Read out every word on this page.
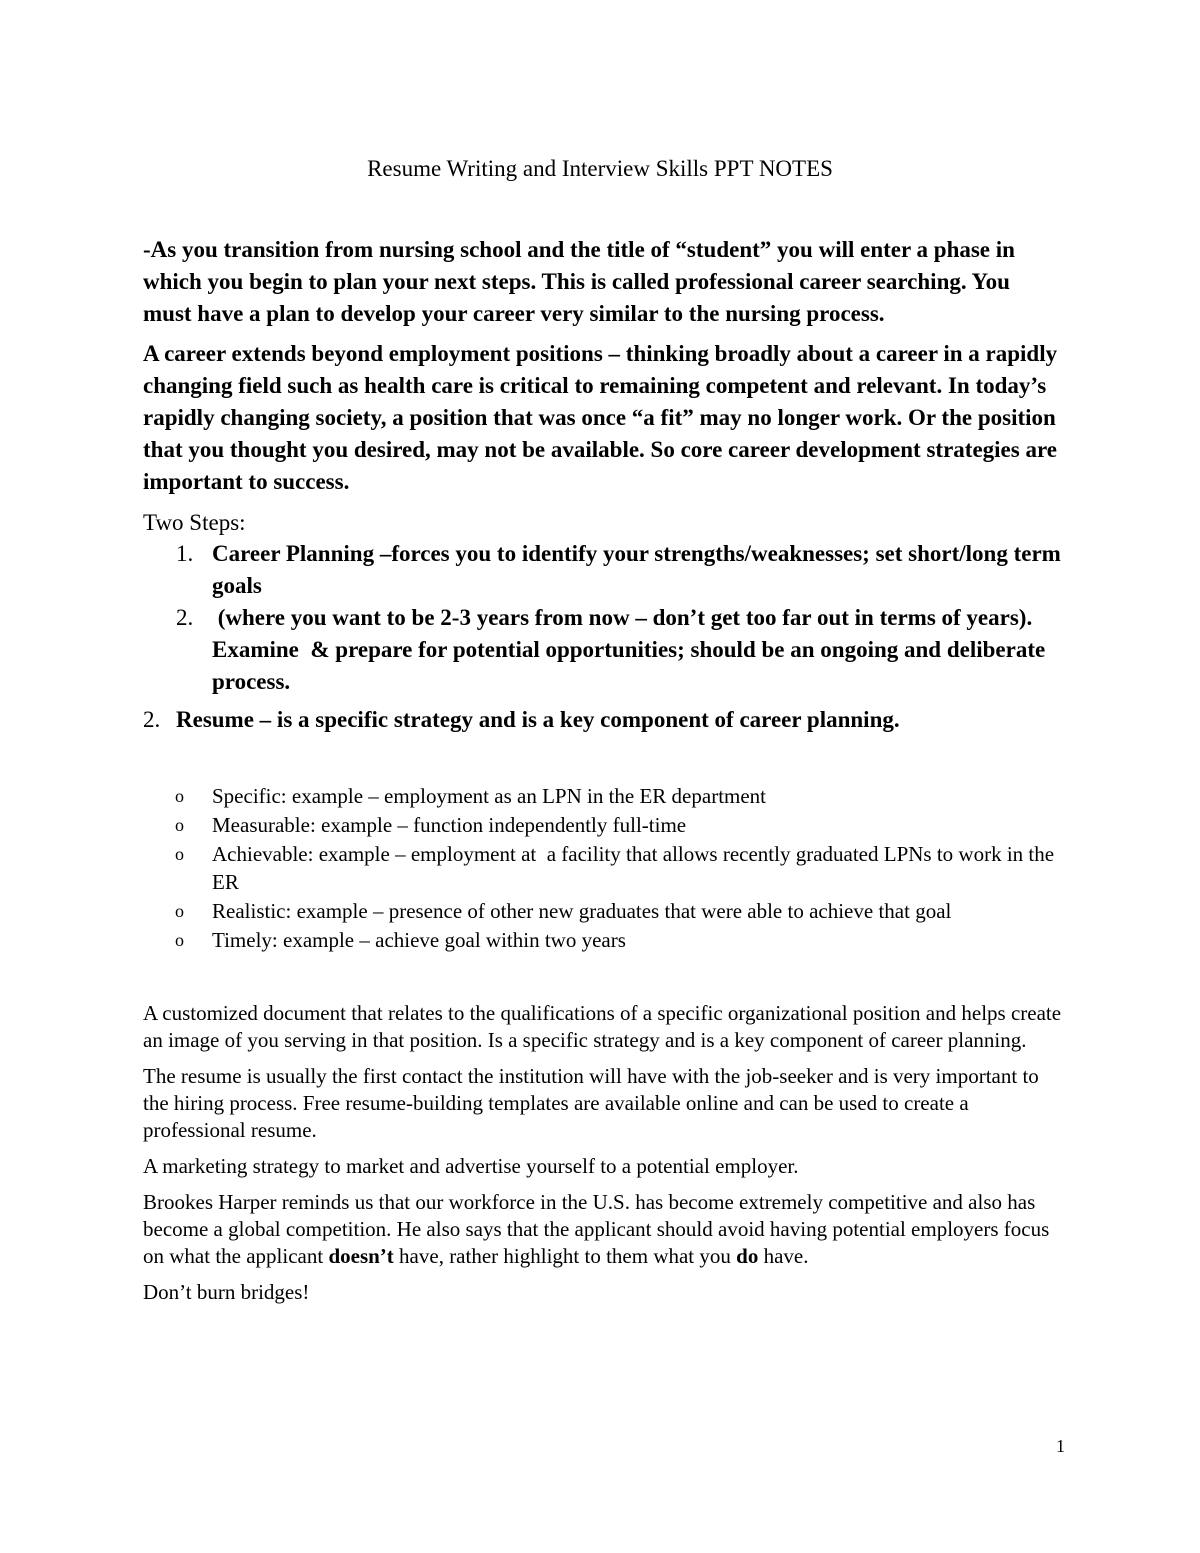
Resume Writing and Interview Skills PPT NOTES

-As you transition from nursing school and the title of “student” you will enter a phase in which you begin to plan your next steps. This is called professional career searching. You must have a plan to develop your career very similar to the nursing process.

A career extends beyond employment positions – thinking broadly about a career in a rapidly changing field such as health care is critical to remaining competent and relevant. In today’s rapidly changing society, a position that was once “a fit” may no longer work. Or the position that you thought you desired, may not be available. So core career development strategies are important to success.

Two Steps:

1. Career Planning –forces you to identify your strengths/weaknesses; set short/long term goals
2. (where you want to be 2-3 years from now – don’t get too far out in terms of years). Examine  & prepare for potential opportunities; should be an ongoing and deliberate process.
2. Resume – is a specific strategy and is a key component of career planning.
o Specific: example – employment as an LPN in the ER department
o Measurable: example – function independently full-time
o Achievable: example – employment at  a facility that allows recently graduated LPNs to work in the ER
o Realistic: example – presence of other new graduates that were able to achieve that goal
o Timely: example – achieve goal within two years

A customized document that relates to the qualifications of a specific organizational position and helps create an image of you serving in that position. Is a specific strategy and is a key component of career planning.

The resume is usually the first contact the institution will have with the job-seeker and is very important to the hiring process. Free resume-building templates are available online and can be used to create a professional resume.

A marketing strategy to market and advertise yourself to a potential employer.

Brookes Harper reminds us that our workforce in the U.S. has become extremely competitive and also has become a global competition. He also says that the applicant should avoid having potential employers focus on what the applicant doesn’t have, rather highlight to them what you do have.

Don’t burn bridges!

1
